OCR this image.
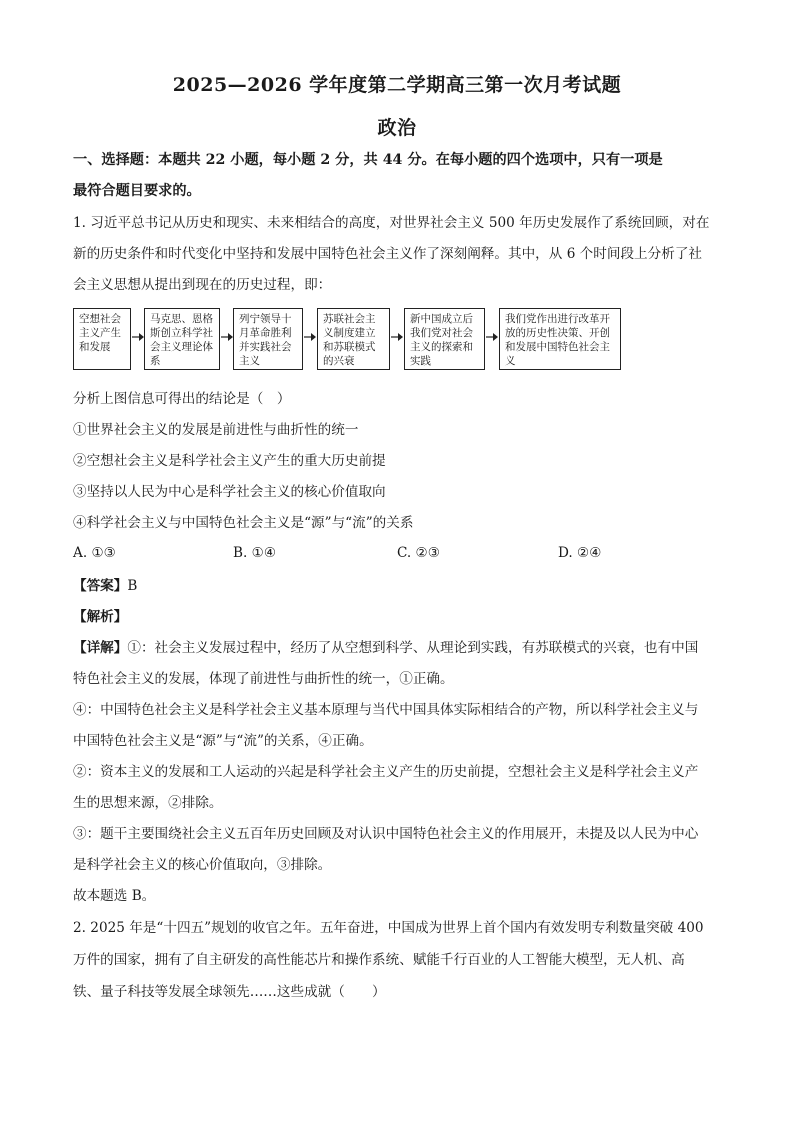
2025—2026 学年度第二学期高三第一次月考试题
政治
一、选择题：本题共 22 小题，每小题 2 分，共 44 分。在每小题的四个选项中，只有一项是
最符合题目要求的。
1. 习近平总书记从历史和现实、未来相结合的高度，对世界社会主义 500 年历史发展作了系统回顾，对在
新的历史条件和时代变化中坚持和发展中国特色社会主义作了深刻阐释。其中，从 6 个时间段上分析了社
会主义思想从提出到现在的历史过程，即：
空想社会主义产生和发展
马克思、恩格斯创立科学社会主义理论体系
列宁领导十月革命胜利并实践社会主义
苏联社会主义制度建立和苏联模式的兴衰
新中国成立后我们党对社会主义的探索和实践
我们党作出进行改革开放的历史性决策、开创和发展中国特色社会主义
分析上图信息可得出的结论是（　）
①世界社会主义的发展是前进性与曲折性的统一
②空想社会主义是科学社会主义产生的重大历史前提
③坚持以人民为中心是科学社会主义的核心价值取向
④科学社会主义与中国特色社会主义是“源”与“流”的关系
A. ①③	B. ①④	C. ②③	D. ②④
【答案】B
【解析】
【详解】①：社会主义发展过程中，经历了从空想到科学、从理论到实践，有苏联模式的兴衰，也有中国
特色社会主义的发展，体现了前进性与曲折性的统一，①正确。
④：中国特色社会主义是科学社会主义基本原理与当代中国具体实际相结合的产物，所以科学社会主义与
中国特色社会主义是“源”与“流”的关系，④正确。
②：资本主义的发展和工人运动的兴起是科学社会主义产生的历史前提，空想社会主义是科学社会主义产
生的思想来源，②排除。
③：题干主要围绕社会主义五百年历史回顾及对认识中国特色社会主义的作用展开，未提及以人民为中心
是科学社会主义的核心价值取向，③排除。
故本题选 B。
2. 2025 年是“十四五”规划的收官之年。五年奋进，中国成为世界上首个国内有效发明专利数量突破 400
万件的国家，拥有了自主研发的高性能芯片和操作系统、赋能千行百业的人工智能大模型，无人机、高
铁、量子科技等发展全球领先……这些成就（　　）
